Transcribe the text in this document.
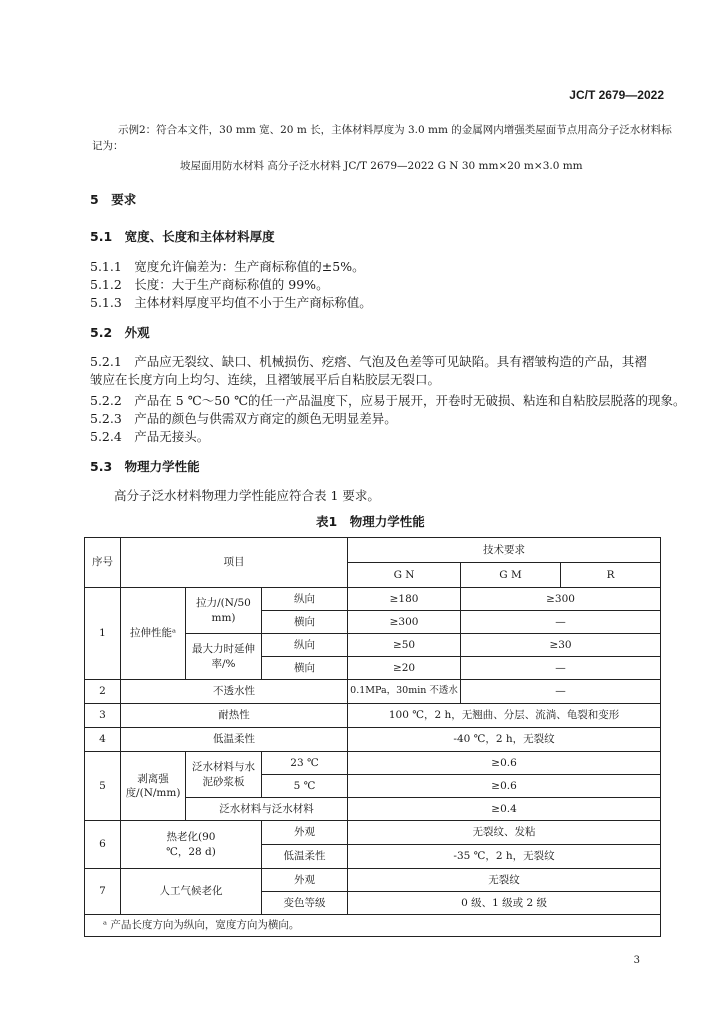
JC/T 2679—2022
示例2：符合本文件，30 mm 宽、20 m 长，主体材料厚度为 3.0 mm 的金属网内增强类屋面节点用高分子泛水材料标
记为：
坡屋面用防水材料 高分子泛水材料 JC/T 2679—2022 G N 30 mm×20 m×3.0 mm
5　要求
5.1　宽度、长度和主体材料厚度
5.1.1　宽度允许偏差为：生产商标称值的±5%。
5.1.2　长度：大于生产商标称值的 99%。
5.1.3　主体材料厚度平均值不小于生产商标称值。
5.2　外观
5.2.1　产品应无裂纹、缺口、机械损伤、疙瘩、气泡及色差等可见缺陷。具有褶皱构造的产品，其褶
皱应在长度方向上均匀、连续，且褶皱展平后自粘胶层无裂口。
5.2.2　产品在 5 ℃～50 ℃的任一产品温度下，应易于展开，开卷时无破损、粘连和自粘胶层脱落的现象。
5.2.3　产品的颜色与供需双方商定的颜色无明显差异。
5.2.4　产品无接头。
5.3　物理力学性能
高分子泛水材料物理力学性能应符合表 1 要求。
表1　物理力学性能
序号	项目			技术要求		
				G N	G M	R
1	拉伸性能ᵃ	拉力/(N/50 mm)	纵向	≥180	≥300	
			横向	≥300	—	
		最大力时延伸率/%	纵向	≥50	≥30	
			横向	≥20	—	
2	不透水性			0.1MPa，30min 不透水	—	
3	耐热性			100 ℃，2 h，无翘曲、分层、流淌、龟裂和变形		
4	低温柔性			-40 ℃，2 h，无裂纹		
5	剥离强度/(N/mm)	泛水材料与水泥砂浆板	23 ℃	≥0.6		
			5 ℃	≥0.6		
		泛水材料与泛水材料		≥0.4		
6	热老化(90 ℃，28 d)		外观	无裂纹、发粘		
			低温柔性	-35 ℃，2 h，无裂纹		
7	人工气候老化		外观	无裂纹		
			变色等级	0 级、1 级或 2 级		
ᵃ 产品长度方向为纵向，宽度方向为横向。						
3
